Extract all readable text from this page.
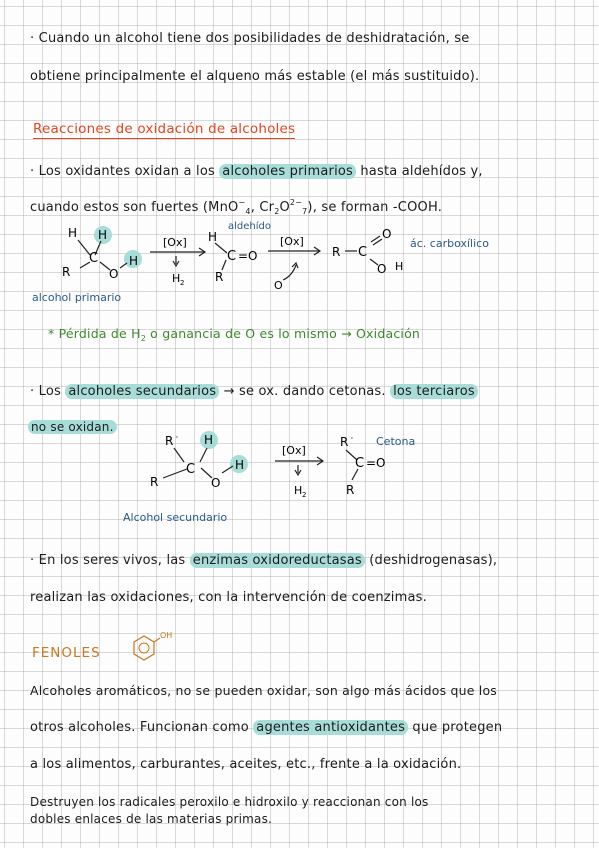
· Cuando un alcohol tiene dos posibilidades de deshidratación, se
obtiene principalmente el alqueno más estable (el más sustituido).
Reacciones de oxidación de alcoholes
· Los oxidantes oxidan a los alcoholes primarios hasta aldehídos y,
cuando estos son fuertes (MnO−$_4$, $Cr_2O^{2-}_7$), se forman -COOH.
H H
C
R	O
H
[Ox]
H 2
H
C =O
R
aldehído
[Ox]
O
R C
O
O H
ác. carboxílico
alcohol primario
* Pérdida de $H_2$ o ganancia de O es lo mismo → Oxidación
· Los alcoholes secundarios → se ox. dando cetonas. los terciaros
no se oxidan.
R ' H
C
R	O
H
[Ox]
H 2
R '
C =O
R
Cetona
Alcohol secundario
· En los seres vivos, las enzimas oxidoreductasas (deshidrogenasas),
realizan las oxidaciones, con la intervención de coenzimas.
FENOLES
OH
Alcoholes aromáticos, no se pueden oxidar, son algo más ácidos que los
otros alcoholes. Funcionan como agentes antioxidantes que protegen
a los alimentos, carburantes, aceites, etc., frente a la oxidación.
Destruyen los radicales peroxilo e hidroxilo y reaccionan con los
dobles enlaces de las materias primas.
